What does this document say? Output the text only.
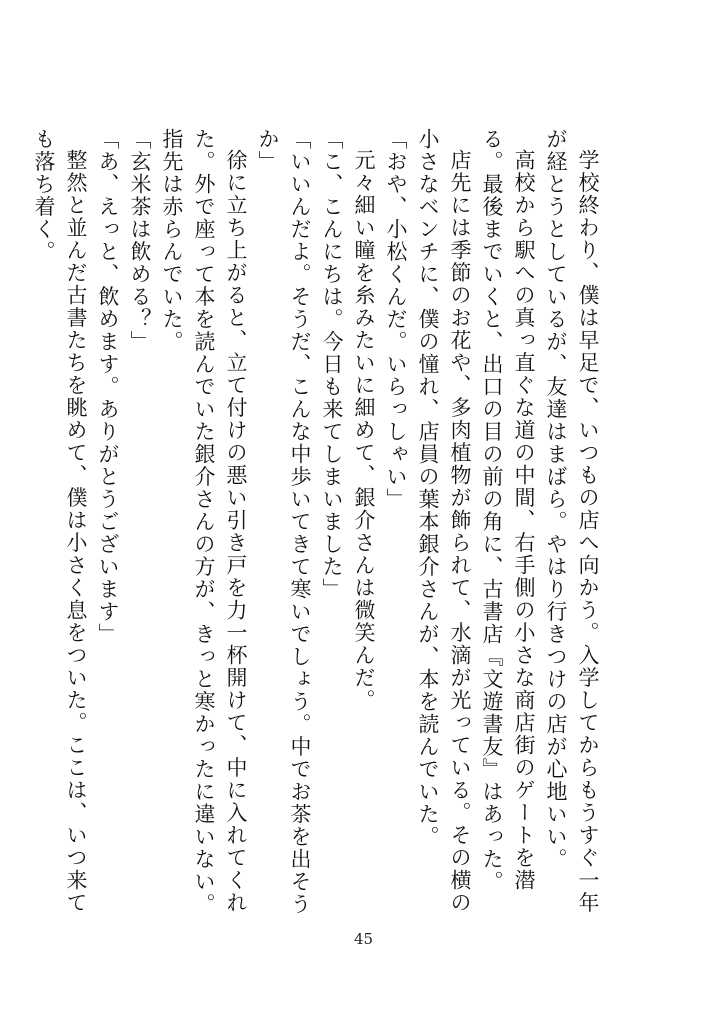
学校終わり、僕は早足で、いつもの店へ向かう。入学してからもうすぐ一年が経とうとしているが、友達はまばら。やはり行きつけの店が心地いい。

高校から駅への真っ直ぐな道の中間、右手側の小さな商店街のゲートを潜る。最後までいくと、出口の目の前の角に、古書店『文遊書友』はあった。

店先には季節のお花や、多肉植物が飾られて、水滴が光っている。その横の小さなベンチに、僕の憧れ、店員の葉本銀介さんが、本を読んでいた。

「おや、小松くんだ。いらっしゃい」

元々細い瞳を糸みたいに細めて、銀介さんは微笑んだ。

「こ、こんにちは。今日も来てしまいました」

「いいんだよ。そうだ、こんな中歩いてきて寒いでしょう。中でお茶を出そうか」

徐に立ち上がると、立て付けの悪い引き戸を力一杯開けて、中に入れてくれた。外で座って本を読んでいた銀介さんの方が、きっと寒かったに違いない。指先は赤らんでいた。

「玄米茶は飲める？」

「あ、えっと、飲めます。ありがとうございます」

整然と並んだ古書たちを眺めて、僕は小さく息をついた。ここは、いつ来ても落ち着く。

45
